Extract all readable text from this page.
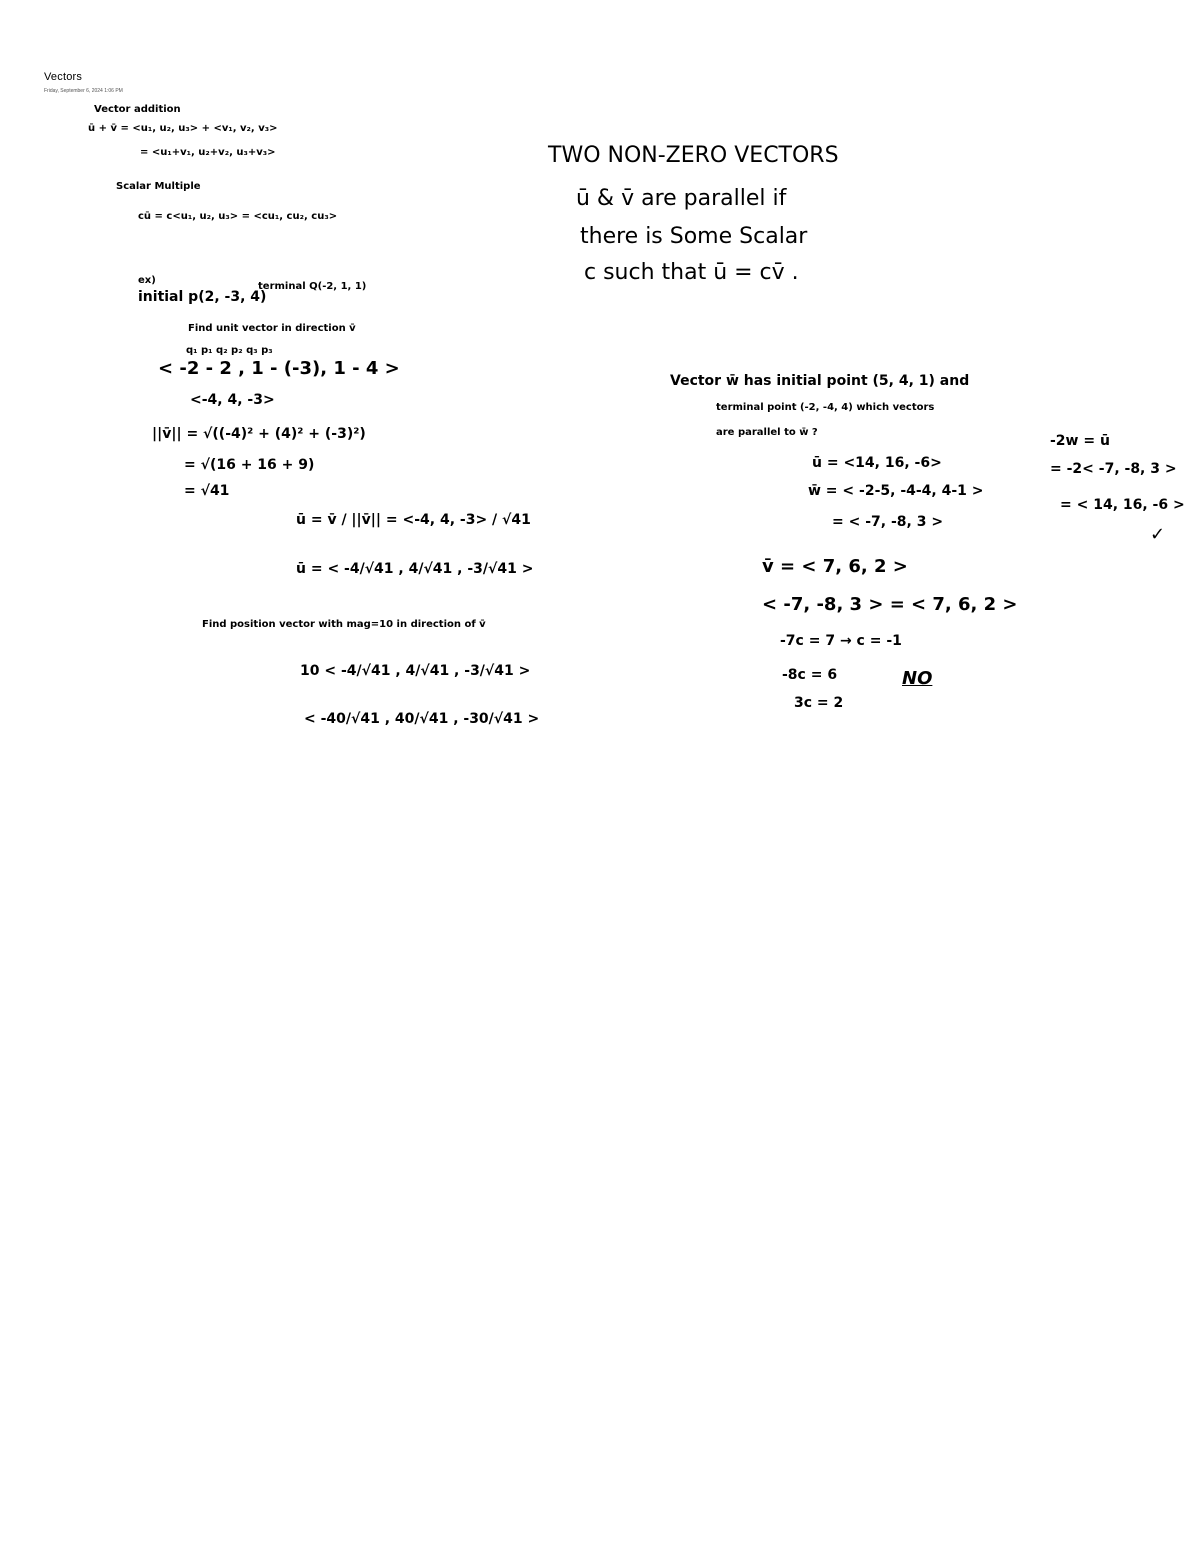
Vectors
Friday, September 6, 2024 1:06 PM
Vector addition
ū + v̄ = <u₁, u₂, u₃> + <v₁, v₂, v₃>
= <u₁+v₁, u₂+v₂, u₃+v₃>
Scalar Multiple
cū = c<u₁, u₂, u₃> = <cu₁, cu₂, cu₃>
ex)
terminal Q(-2, 1, 1)
initial p(2, -3, 4)
Find unit vector in direction v̄
q₁ p₁ q₂ p₂ q₃ p₃
< -2 - 2 , 1 - (-3), 1 - 4 >
<-4, 4, -3>
||v̄|| = √((-4)² + (4)² + (-3)²)
= √(16 + 16 + 9)
= √41
ū = v̄ / ||v̄|| = <-4, 4, -3> / √41
ū = < -4/√41 , 4/√41 , -3/√41 >
Find position vector with mag=10 in direction of v̄
10 < -4/√41 , 4/√41 , -3/√41 >
< -40/√41 , 40/√41 , -30/√41 >
TWO NON-ZERO VECTORS
ū & v̄ are parallel if
there is Some Scalar
c such that ū = cv̄ .
Vector w̄ has initial point (5, 4, 1) and
terminal point (-2, -4, 4) which vectors
are parallel to w̄ ?
ū = <14, 16, -6>
w̄ = < -2-5, -4-4, 4-1 >
= < -7, -8, 3 >
v̄ = < 7, 6, 2 >
< -7, -8, 3 > = < 7, 6, 2 >
-7c = 7 → c = -1
-8c = 6
3c = 2
NO
-2w = ū
= -2< -7, -8, 3 >
= < 14, 16, -6 >
✓
